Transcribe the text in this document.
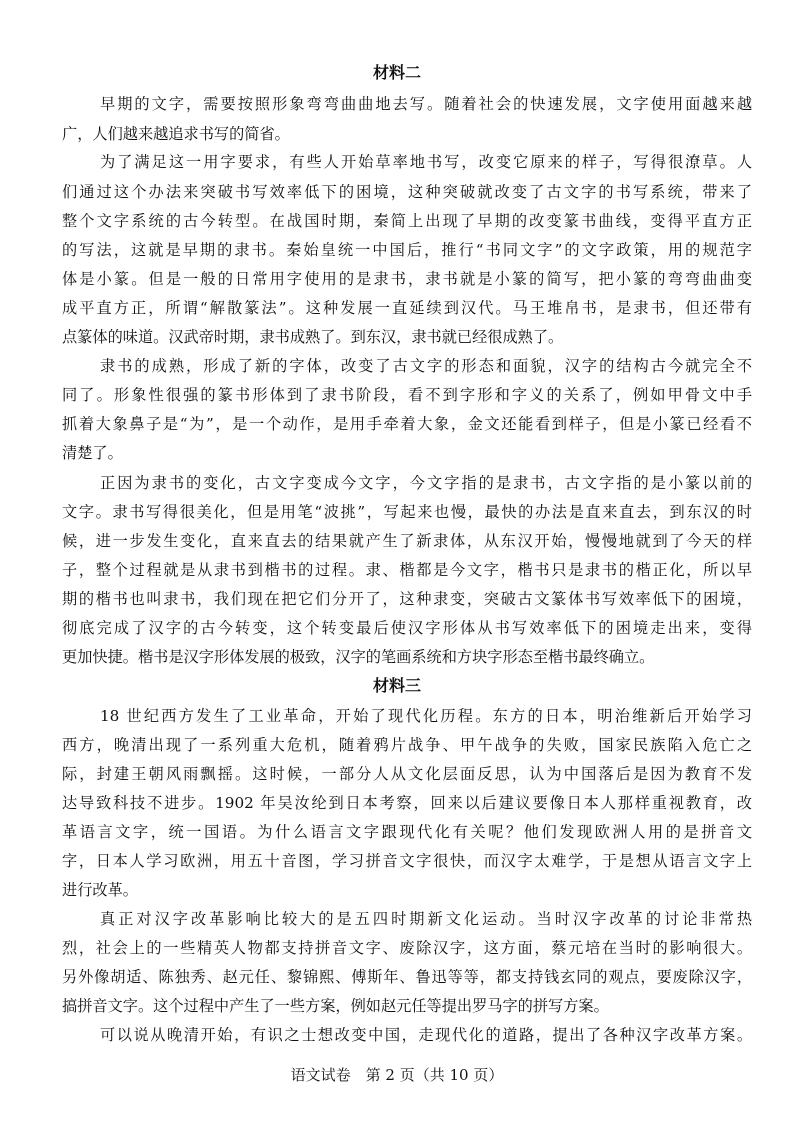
材料二
早期的文字，需要按照形象弯弯曲曲地去写。随着社会的快速发展，文字使用面越来越
广，人们越来越追求书写的简省。
为了满足这一用字要求，有些人开始草率地书写，改变它原来的样子，写得很潦草。人
们通过这个办法来突破书写效率低下的困境，这种突破就改变了古文字的书写系统，带来了
整个文字系统的古今转型。在战国时期，秦简上出现了早期的改变篆书曲线，变得平直方正
的写法，这就是早期的隶书。秦始皇统一中国后，推行“书同文字”的文字政策，用的规范字
体是小篆。但是一般的日常用字使用的是隶书，隶书就是小篆的简写，把小篆的弯弯曲曲变
成平直方正，所谓“解散篆法”。这种发展一直延续到汉代。马王堆帛书，是隶书，但还带有
点篆体的味道。汉武帝时期，隶书成熟了。到东汉，隶书就已经很成熟了。
隶书的成熟，形成了新的字体，改变了古文字的形态和面貌，汉字的结构古今就完全不
同了。形象性很强的篆书形体到了隶书阶段，看不到字形和字义的关系了，例如甲骨文中手
抓着大象鼻子是“为”，是一个动作，是用手牵着大象，金文还能看到样子，但是小篆已经看不
清楚了。
正因为隶书的变化，古文字变成今文字，今文字指的是隶书，古文字指的是小篆以前的
文字。隶书写得很美化，但是用笔“波挑”，写起来也慢，最快的办法是直来直去，到东汉的时
候，进一步发生变化，直来直去的结果就产生了新隶体，从东汉开始，慢慢地就到了今天的样
子，整个过程就是从隶书到楷书的过程。隶、楷都是今文字，楷书只是隶书的楷正化，所以早
期的楷书也叫隶书，我们现在把它们分开了，这种隶变，突破古文篆体书写效率低下的困境，
彻底完成了汉字的古今转变，这个转变最后使汉字形体从书写效率低下的困境走出来，变得
更加快捷。楷书是汉字形体发展的极致，汉字的笔画系统和方块字形态至楷书最终确立。
材料三
18 世纪西方发生了工业革命，开始了现代化历程。东方的日本，明治维新后开始学习
西方，晚清出现了一系列重大危机，随着鸦片战争、甲午战争的失败，国家民族陷入危亡之
际，封建王朝风雨飘摇。这时候，一部分人从文化层面反思，认为中国落后是因为教育不发
达导致科技不进步。1902 年吴汝纶到日本考察，回来以后建议要像日本人那样重视教育，改
革语言文字，统一国语。为什么语言文字跟现代化有关呢？他们发现欧洲人用的是拼音文
字，日本人学习欧洲，用五十音图，学习拼音文字很快，而汉字太难学，于是想从语言文字上
进行改革。
真正对汉字改革影响比较大的是五四时期新文化运动。当时汉字改革的讨论非常热
烈，社会上的一些精英人物都支持拼音文字、废除汉字，这方面，蔡元培在当时的影响很大。
另外像胡适、陈独秀、赵元任、黎锦熙、傅斯年、鲁迅等等，都支持钱玄同的观点，要废除汉字，
搞拼音文字。这个过程中产生了一些方案，例如赵元任等提出罗马字的拼写方案。
可以说从晚清开始，有识之士想改变中国，走现代化的道路，提出了各种汉字改革方案。
语文试卷　第 2 页（共 10 页）
